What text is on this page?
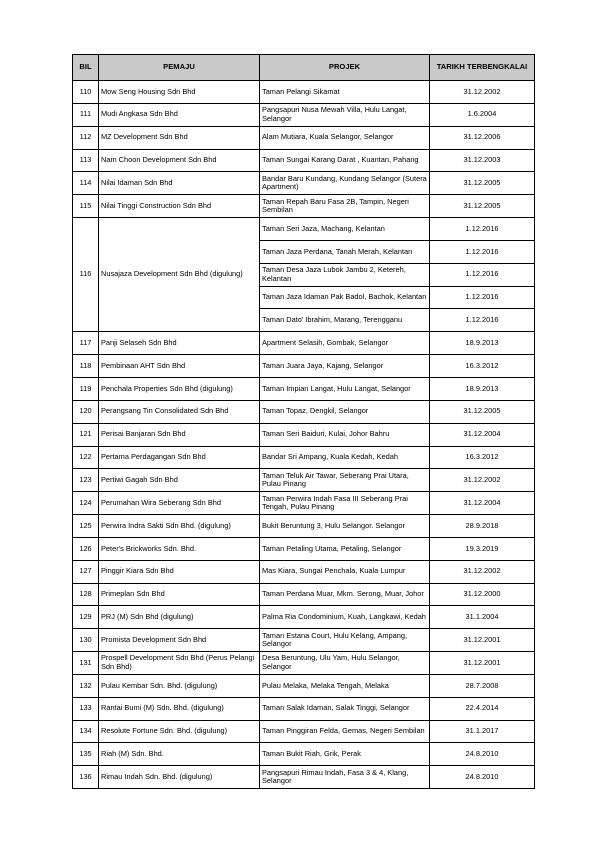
BIL	PEMAJU	PROJEK	TARIKH TERBENGKALAI
110	Mow Seng Housing Sdn Bhd	Taman Pelangi Sikamat	31.12.2002
111	Mudi Angkasa Sdn Bhd	Pangsapuri Nusa Mewah Villa, Hulu Langat, Selangor	1.6.2004
112	MZ Development Sdn Bhd	Alam Mutiara, Kuala Selangor, Selangor	31.12.2006
113	Nam Choon Development Sdn Bhd	Taman Sungai Karang Darat , Kuantan, Pahang	31.12.2003
114	Nilai Idaman Sdn Bhd	Bandar Baru Kundang, Kundang Selangor (Sutera Apartment)	31.12.2005
115	Nilai Tinggi Construction Sdn Bhd	Taman Repah Baru Fasa 2B, Tampin, Negeri Sembilan	31.12.2005
116	Nusajaza Development Sdn Bhd (digulung)	Taman Seri Jaza, Machang, Kelantan	1.12.2016
		Taman Jaza Perdana, Tanah Merah, Kelantan	1.12.2016
		Taman Desa Jaza Lubok Jambu 2, Ketereh, Kelantan	1.12.2016
		Taman Jaza Idaman Pak Badol, Bachok, Kelantan	1.12.2016
		Taman Dato' Ibrahim, Marang, Terengganu	1.12.2016
117	Panji Selaseh Sdn Bhd	Apartment Selasih, Gombak, Selangor	18.9.2013
118	Pembinaan AHT Sdn Bhd	Taman Juara Jaya, Kajang, Selangor	16.3.2012
119	Penchala Properties Sdn Bhd (digulung)	Taman Impian Langat, Hulu Langat, Selangor	18.9.2013
120	Perangsang Tin Consolidated Sdn Bhd	Taman Topaz, Dengkil, Selangor	31.12.2005
121	Perisai Banjaran Sdn Bhd	Taman Seri Baiduri, Kulai, Johor Bahru	31.12.2004
122	Pertama Perdagangan Sdn Bhd	Bandar Sri Ampang, Kuala Kedah, Kedah	16.3.2012
123	Pertiwi Gagah Sdn Bhd	Taman Teluk Air Tawar, Seberang Prai Utara, Pulau Pinang	31.12.2002
124	Perumahan Wira Seberang Sdn Bhd	Taman Perwira Indah Fasa III Seberang Prai Tengah, Pulau Pinang	31.12.2004
125	Perwira Indra Sakti Sdn Bhd. (digulung)	Bukit Beruntung 3, Hulu Selangor. Selangor	28.9.2018
126	Peter's Brickworks Sdn. Bhd.	Taman Petaling Utama, Petaling, Selangor	19.3.2019
127	Pinggir Kiara Sdn Bhd	Mas Kiara, Sungai Penchala, Kuala Lumpur	31.12.2002
128	Primeplan Sdn Bhd	Taman Perdana Muar, Mkm. Serong, Muar, Johor	31.12.2000
129	PRJ (M) Sdn Bhd (digulung)	Palma Ria Condominium, Kuah, Langkawi, Kedah	31.1.2004
130	Promista Development Sdn Bhd	Taman Estana Court, Hulu Kelang, Ampang, Selangor	31.12.2001
131	Prospell Development Sdn Bhd (Perus Pelangi Sdn Bhd)	Desa Beruntung, Ulu Yam, Hulu Selangor, Selangor	31.12.2001
132	Pulau Kembar Sdn. Bhd. (digulung)	Pulau Melaka, Melaka Tengah, Melaka	28.7.2008
133	Rantai Bumi (M) Sdn. Bhd. (digulung)	Taman Salak Idaman, Salak Tinggi, Selangor	22.4.2014
134	Resolute Fortune Sdn. Bhd. (digulung)	Taman Pinggiran Felda, Gemas, Negeri Sembilan	31.1.2017
135	Riah (M) Sdn. Bhd.	Taman Bukit Riah, Grik, Perak	24.8.2010
136	Rimau Indah Sdn. Bhd. (digulung)	Pangsapuri Rimau Indah, Fasa 3 & 4, Klang, Selangor	24.8.2010
